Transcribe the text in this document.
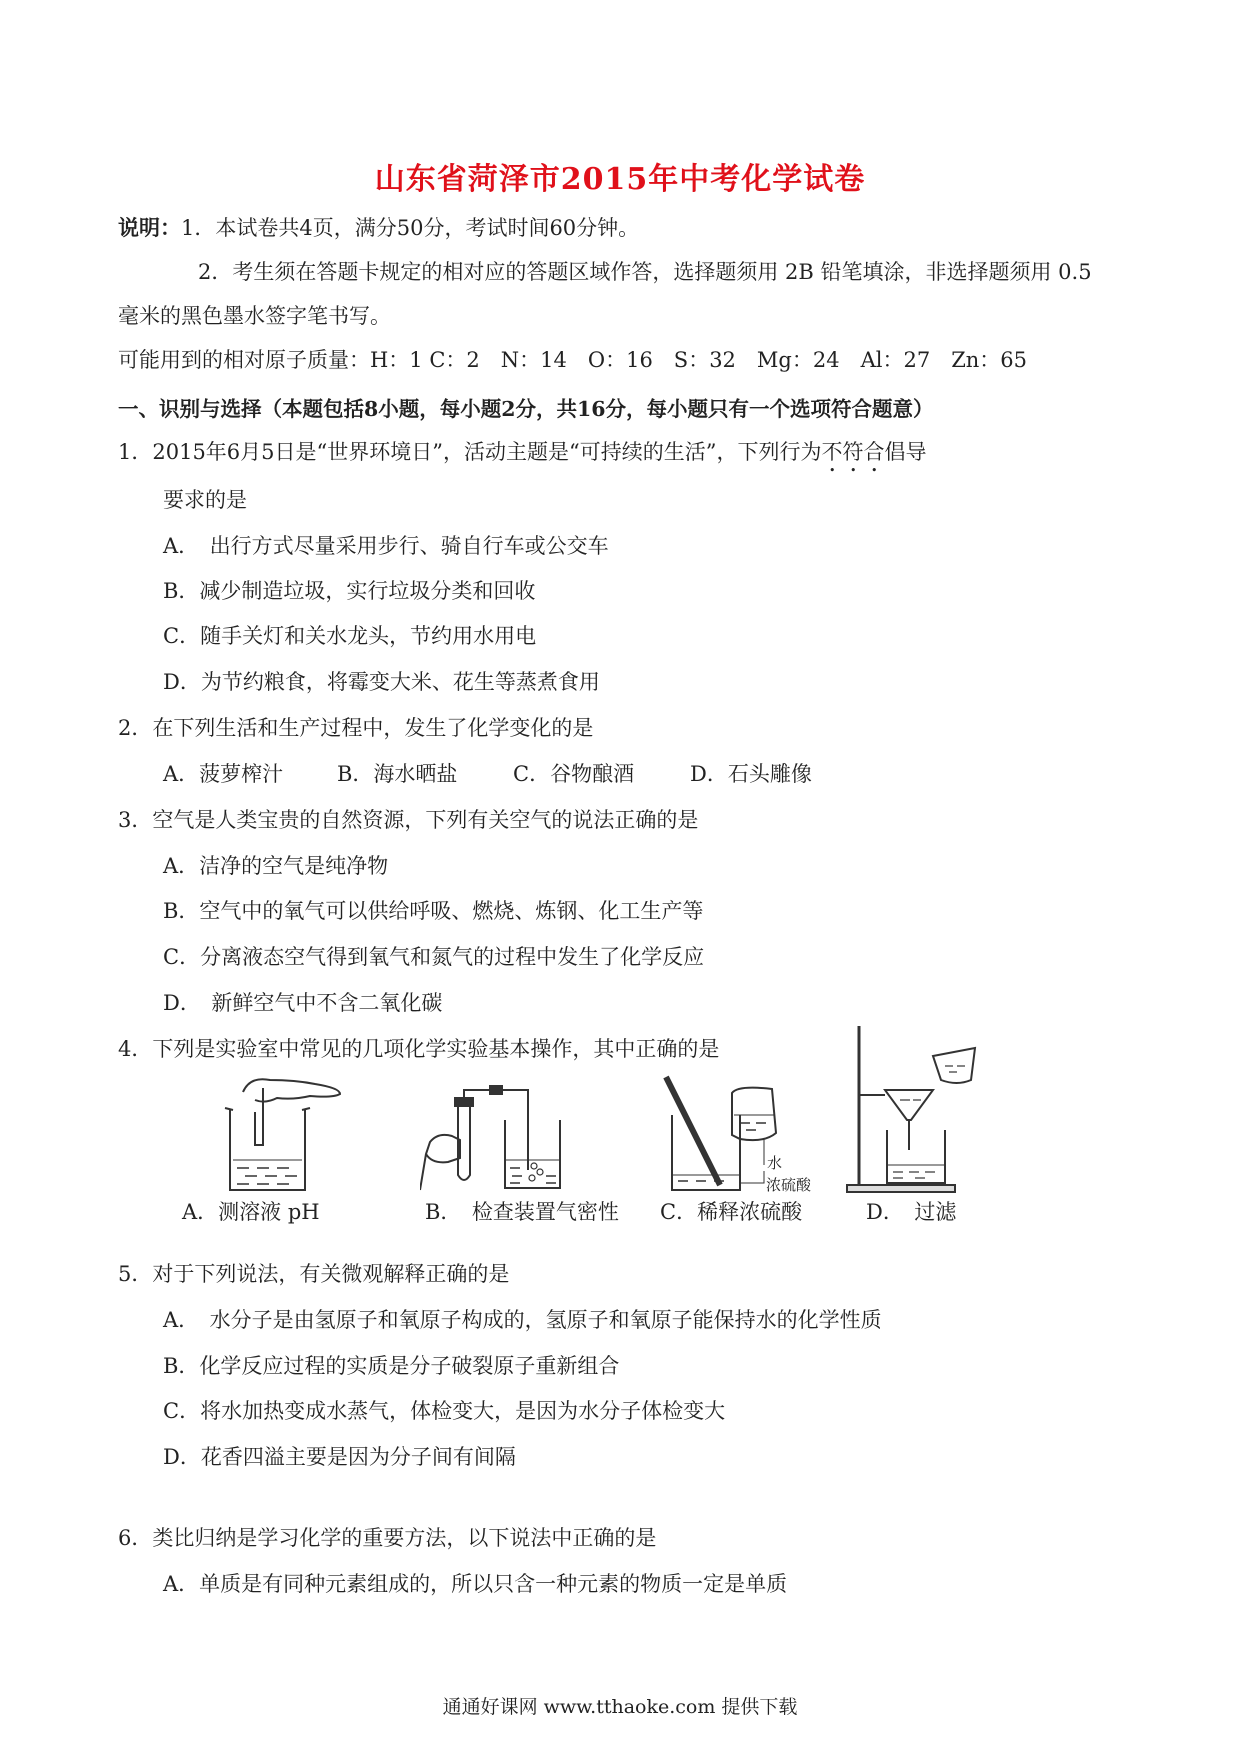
山东省菏泽市2015年中考化学试卷
说明：1．本试卷共4页，满分50分，考试时间60分钟。
2．考生须在答题卡规定的相对应的答题区域作答，选择题须用 2B 铅笔填涂，非选择题须用 0.5
毫米的黑色墨水签字笔书写。
可能用到的相对原子质量：H：1 C：2　N：14　O：16　S：32　Mg：24　Al：27　Zn：65
一、识别与选择（本题包括8小题，每小题2分，共16分，每小题只有一个选项符合题意）
1．2015年6月5日是“世界环境日”，活动主题是“可持续的生活”，下列行为不符合倡导
要求的是
A．　出行方式尽量采用步行、骑自行车或公交车
B．减少制造垃圾，实行垃圾分类和回收
C．随手关灯和关水龙头，节约用水用电
D．为节约粮食，将霉变大米、花生等蒸煮食用
2．在下列生活和生产过程中，发生了化学变化的是
A．菠萝榨汁	B．海水晒盐	C．谷物酿酒	D．石头雕像
3．空气是人类宝贵的自然资源，下列有关空气的说法正确的是
A．洁净的空气是纯净物
B．空气中的氧气可以供给呼吸、燃烧、炼钢、化工生产等
C．分离液态空气得到氧气和氮气的过程中发生了化学反应
D．　新鲜空气中不含二氧化碳
4．下列是实验室中常见的几项化学实验基本操作，其中正确的是
水
浓硫酸
A．测溶液 pH	B．　检查装置气密性 C．稀释浓硫酸	D．　过滤
5．对于下列说法，有关微观解释正确的是
A．　水分子是由氢原子和氧原子构成的，氢原子和氧原子能保持水的化学性质
B．化学反应过程的实质是分子破裂原子重新组合
C．将水加热变成水蒸气，体检变大，是因为水分子体检变大
D．花香四溢主要是因为分子间有间隔
6．类比归纳是学习化学的重要方法，以下说法中正确的是
A．单质是有同种元素组成的，所以只含一种元素的物质一定是单质
通通好课网 www.tthaoke.com 提供下载
